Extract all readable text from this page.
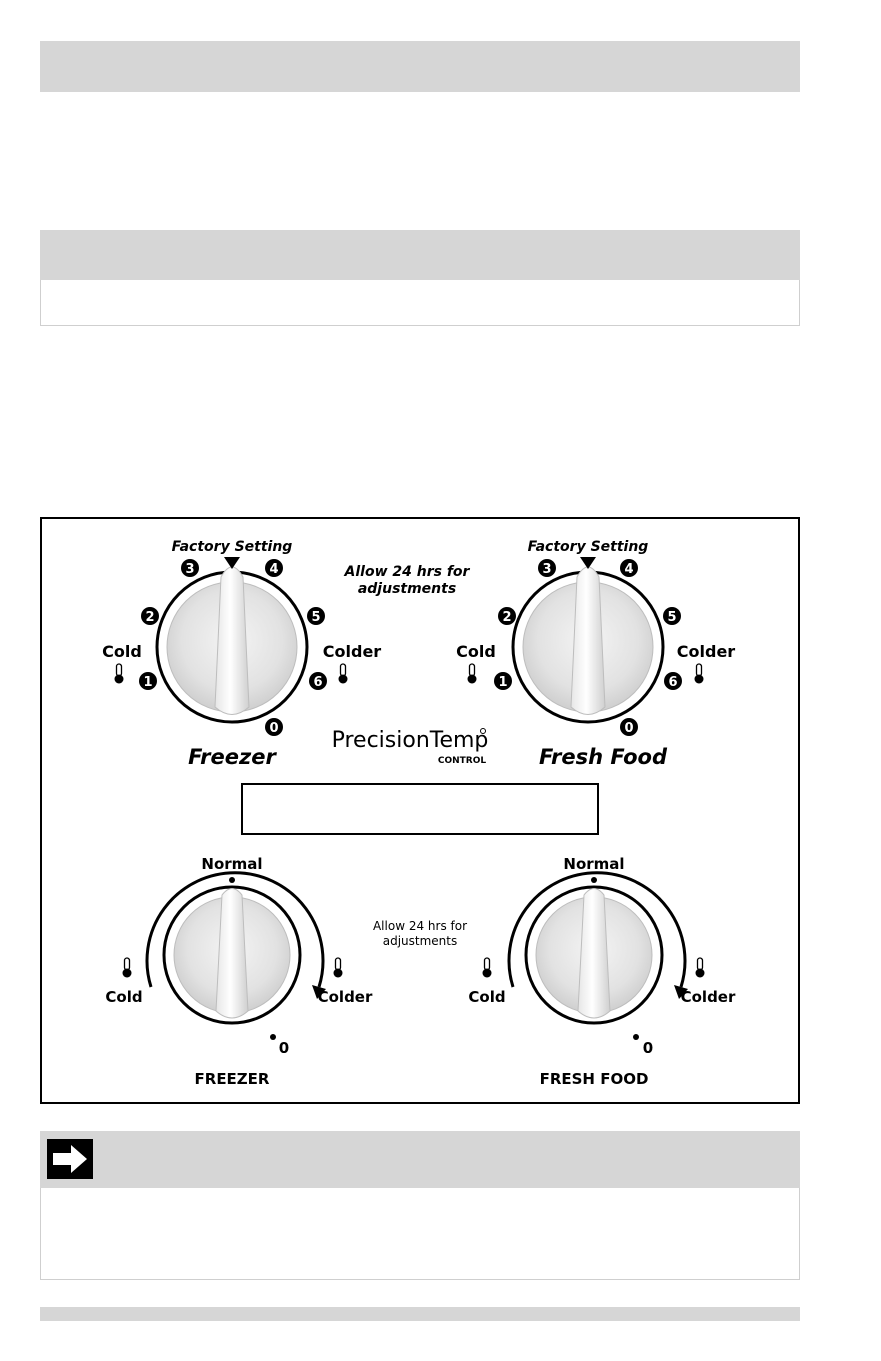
Factory Setting
3	4
2	5
1	6
0
Cold	Colder
Freezer
Factory Setting
3	4
2	5
1	6
0
Cold	Colder
Fresh Food
Allow 24 hrs for
adjustments
PrecisionTemp
CONTROL
Normal
Cold	Colder
0
FREEZER
Normal
Cold	Colder
0
FRESH FOOD
Allow 24 hrs for
adjustments
